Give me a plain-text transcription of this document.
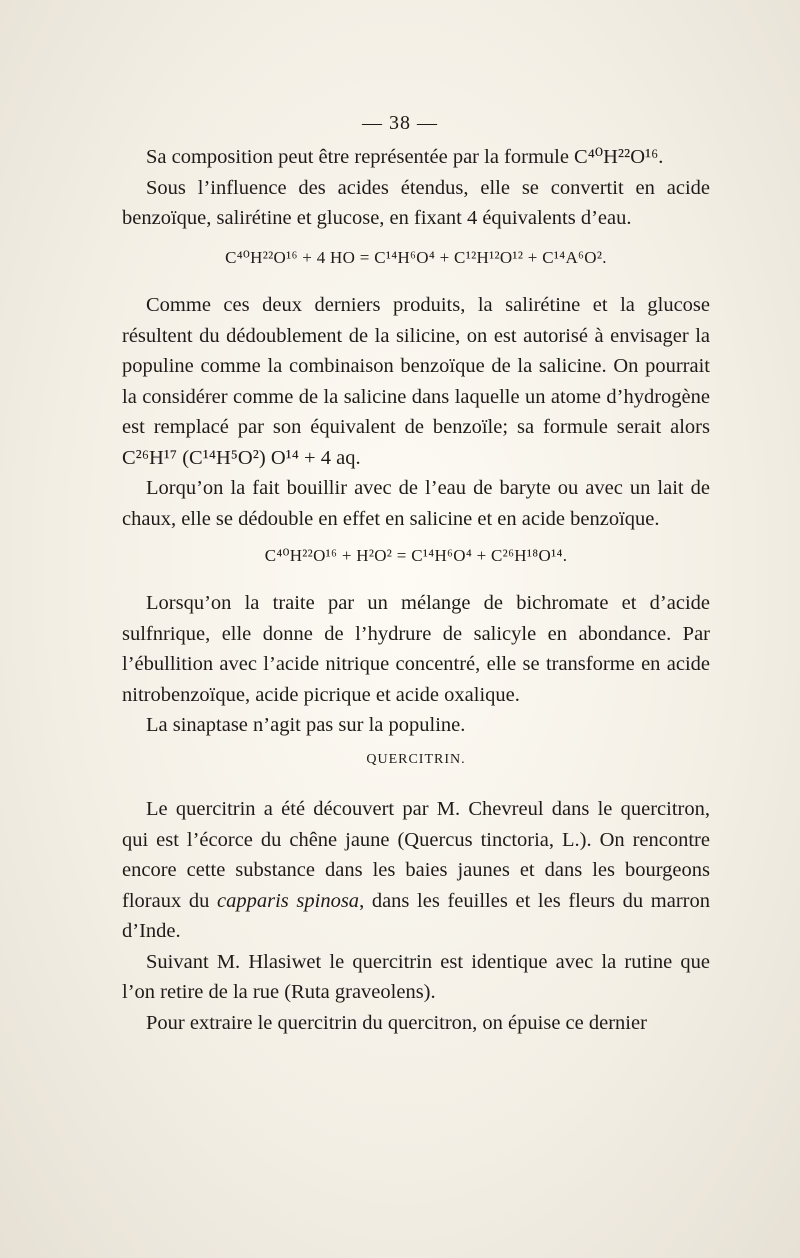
— 38 —

Sa composition peut être représentée par la formule C⁴⁰H²²O¹⁶.

Sous l’influence des acides étendus, elle se convertit en acide benzoïque, salirétine et glucose, en fixant 4 équivalents d’eau.

C⁴⁰H²²O¹⁶ + 4 HO = C¹⁴H⁶O⁴ + C¹²H¹²O¹² + C¹⁴A⁶O².

Comme ces deux derniers produits, la salirétine et la glucose résultent du dédoublement de la silicine, on est autorisé à envisager la populine comme la combinaison benzoïque de la salicine. On pourrait la considérer comme de la salicine dans laquelle un atome d’hydrogène est remplacé par son équivalent de benzoïle; sa formule serait alors C²⁶H¹⁷ (C¹⁴H⁵O²) O¹⁴ + 4 aq.

Lorqu’on la fait bouillir avec de l’eau de baryte ou avec un lait de chaux, elle se dédouble en effet en salicine et en acide benzoïque.

C⁴⁰H²²O¹⁶ + H²O² = C¹⁴H⁶O⁴ + C²⁶H¹⁸O¹⁴.

Lorsqu’on la traite par un mélange de bichromate et d’acide sulfnrique, elle donne de l’hydrure de salicyle en abondance. Par l’ébullition avec l’acide nitrique concentré, elle se transforme en acide nitrobenzoïque, acide picrique et acide oxalique.

La sinaptase n’agit pas sur la populine.

QUERCITRIN.

Le quercitrin a été découvert par M. Chevreul dans le quercitron, qui est l’écorce du chêne jaune (Quercus tinctoria, L.). On rencontre encore cette substance dans les baies jaunes et dans les bourgeons floraux du capparis spinosa, dans les feuilles et les fleurs du marron d’Inde.

Suivant M. Hlasiwet le quercitrin est identique avec la rutine que l’on retire de la rue (Ruta graveolens).

Pour extraire le quercitrin du quercitron, on épuise ce dernier
